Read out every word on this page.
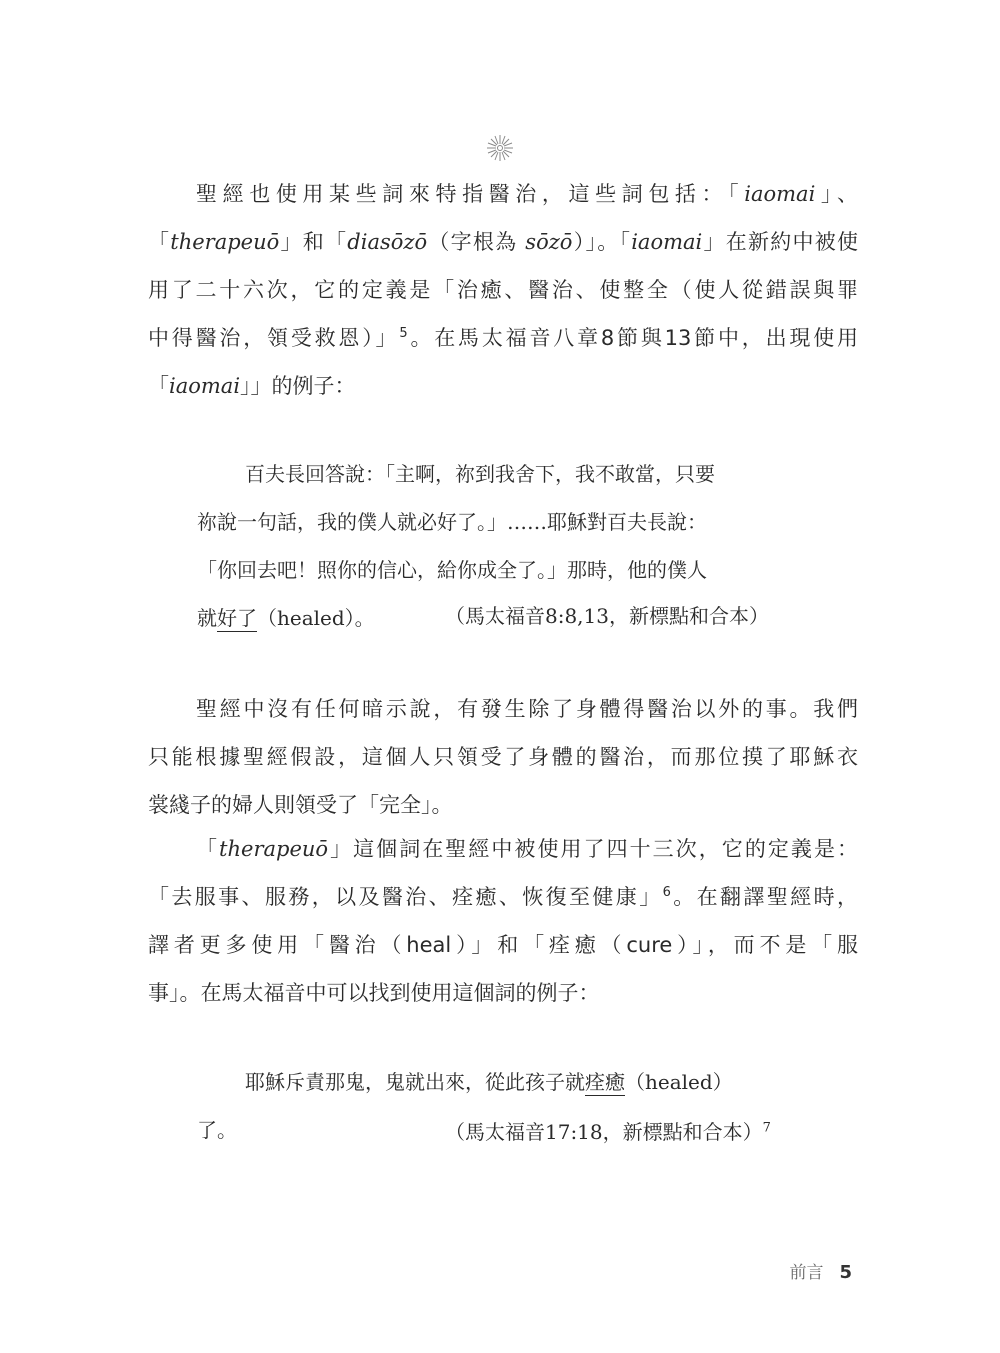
聖經也使用某些詞來特指醫治，這些詞包括：「iaomai」、
「therapeuō」和「diasōzō（字根為 sōzō）」。「iaomai」在新約中被使
用了二十六次，它的定義是「治癒、醫治、使整全（使人從錯誤與罪
中得醫治，領受救恩）」$^5$。在馬太福音八章8節與13節中，出現使用
「iaomai」」的例子：
百夫長回答說：「主啊，祢到我舍下，我不敢當，只要
祢說一句話，我的僕人就必好了。」……耶穌對百夫長說：
「你回去吧！照你的信心，給你成全了。」那時，他的僕人
就好了（healed）。	（馬太福音8:8,13，新標點和合本）
聖經中沒有任何暗示說，有發生除了身體得醫治以外的事。我們
只能根據聖經假設，這個人只領受了身體的醫治，而那位摸了耶穌衣
裳綫子的婦人則領受了「完全」。
「therapeuō」這個詞在聖經中被使用了四十三次，它的定義是：
「去服事、服務，以及醫治、痊癒、恢復至健康」$^6$。在翻譯聖經時，
譯者更多使用「醫治（heal）」和「痊癒（cure）」，而不是「服
事」。在馬太福音中可以找到使用這個詞的例子：
耶穌斥責那鬼，鬼就出來，從此孩子就痊癒（healed）
了。	（馬太福音17:18，新標點和合本）$^7$
前言 5
